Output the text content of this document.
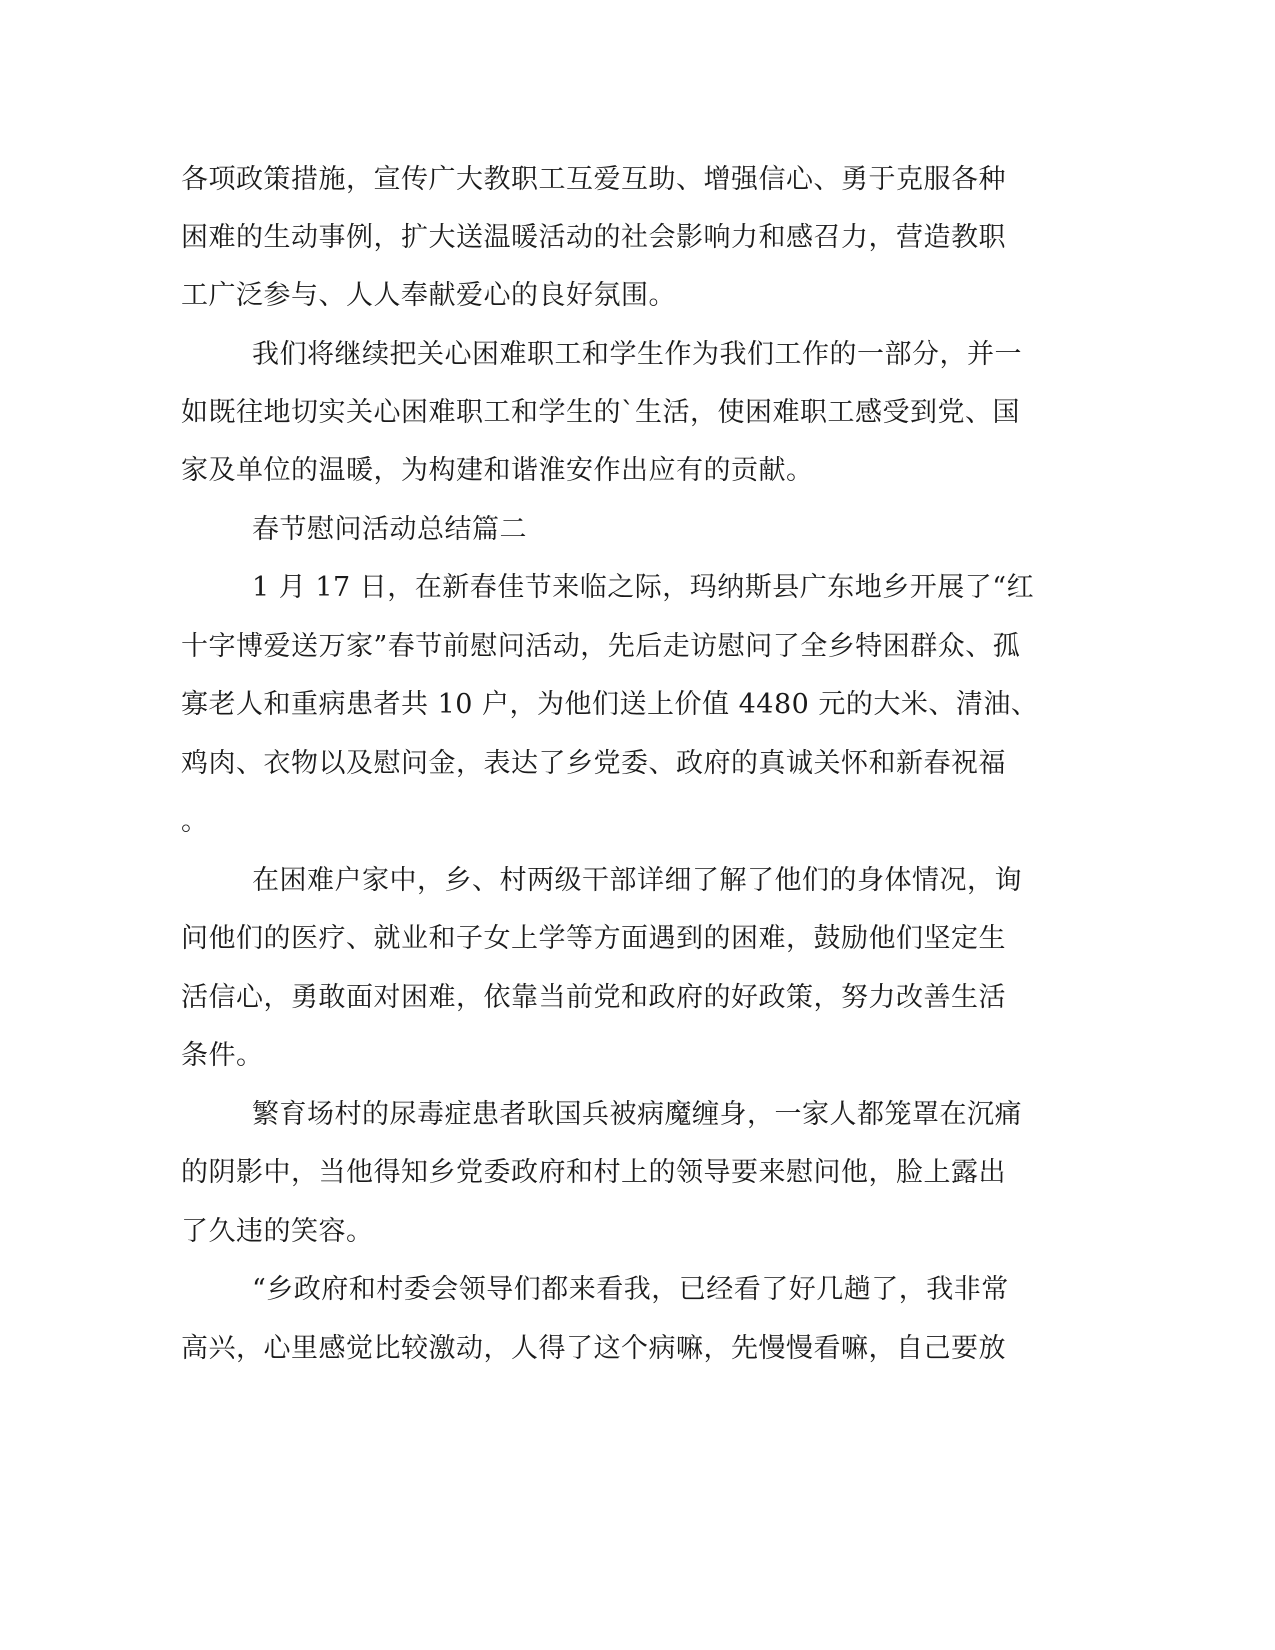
各项政策措施，宣传广大教职工互爱互助、增强信心、勇于克服各种

困难的生动事例，扩大送温暖活动的社会影响力和感召力，营造教职

工广泛参与、人人奉献爱心的良好氛围。

我们将继续把关心困难职工和学生作为我们工作的一部分，并一

如既往地切实关心困难职工和学生的`生活，使困难职工感受到党、国

家及单位的温暖，为构建和谐淮安作出应有的贡献。

春节慰问活动总结篇二

1 月 17 日，在新春佳节来临之际，玛纳斯县广东地乡开展了“红

十字博爱送万家”春节前慰问活动，先后走访慰问了全乡特困群众、孤

寡老人和重病患者共 10 户，为他们送上价值 4480 元的大米、清油、

鸡肉、衣物以及慰问金，表达了乡党委、政府的真诚关怀和新春祝福

。

在困难户家中，乡、村两级干部详细了解了他们的身体情况，询

问他们的医疗、就业和子女上学等方面遇到的困难，鼓励他们坚定生

活信心，勇敢面对困难，依靠当前党和政府的好政策，努力改善生活

条件。

繁育场村的尿毒症患者耿国兵被病魔缠身，一家人都笼罩在沉痛

的阴影中，当他得知乡党委政府和村上的领导要来慰问他，脸上露出

了久违的笑容。

“乡政府和村委会领导们都来看我，已经看了好几趟了，我非常

高兴，心里感觉比较激动，人得了这个病嘛，先慢慢看嘛，自己要放
